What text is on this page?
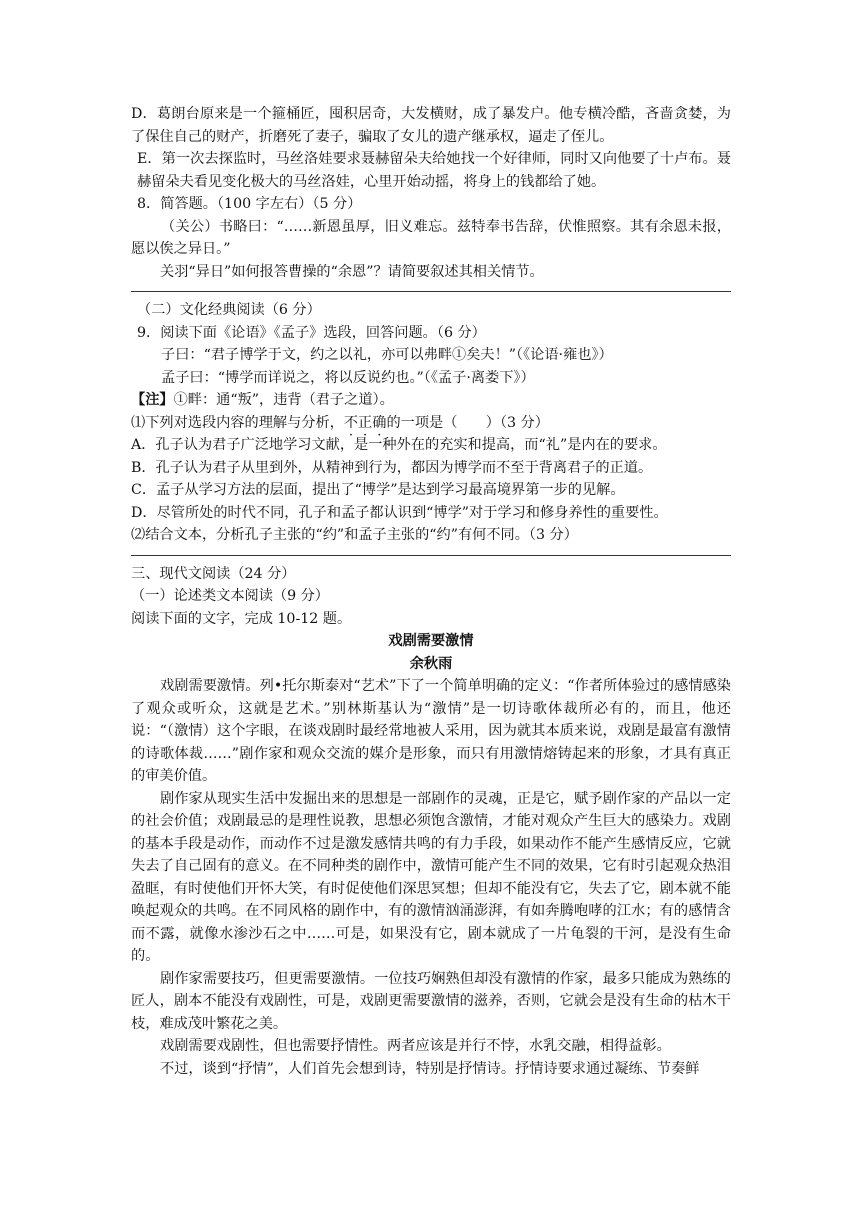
D．葛朗台原来是一个箍桶匠，囤积居奇，大发横财，成了暴发户。他专横冷酷，吝啬贪婪，为了保住自己的财产，折磨死了妻子，骗取了女儿的遗产继承权，逼走了侄儿。
E．第一次去探监时，马丝洛娃要求聂赫留朵夫给她找一个好律师，同时又向他要了十卢布。聂赫留朵夫看见变化极大的马丝洛娃，心里开始动摇，将身上的钱都给了她。
8．简答题。（100 字左右）（5 分）
（关公）书略曰：“……新恩虽厚，旧义难忘。兹特奉书告辞，伏惟照察。其有余恩未报，愿以俟之异日。”
关羽“异日”如何报答曹操的“余恩”？请简要叙述其相关情节。
（二）文化经典阅读（6 分）
9．阅读下面《论语》《孟子》选段，回答问题。（6 分）
子曰：“君子博学于文，约之以礼，亦可以弗畔①矣夫！”（《论语·雍也》）
孟子曰：“博学而详说之，将以反说约也。”（《孟子·离娄下》）
【注】①畔：通“叛”，违背（君子之道）。
⑴下列对选段内容的理解与分析，不正确的一项是（　　）（3 分）
A．孔子认为君子广泛地学习文献，是一种外在的充实和提高，而“礼”是内在的要求。
B．孔子认为君子从里到外，从精神到行为，都因为博学而不至于背离君子的正道。
C．孟子从学习方法的层面，提出了“博学”是达到学习最高境界第一步的见解。
D．尽管所处的时代不同，孔子和孟子都认识到“博学”对于学习和修身养性的重要性。
⑵结合文本，分析孔子主张的“约”和孟子主张的“约”有何不同。（3 分）
三、现代文阅读（24 分）
（一）论述类文本阅读（9 分）
阅读下面的文字，完成 10-12 题。
戏剧需要激情
余秋雨
戏剧需要激情。列•托尔斯泰对“艺术”下了一个简单明确的定义：“作者所体验过的感情感染了观众或听众，这就是艺术。”别林斯基认为“激情”是一切诗歌体裁所必有的，而且，他还说：“（激情）这个字眼，在谈戏剧时最经常地被人采用，因为就其本质来说，戏剧是最富有激情的诗歌体裁……”剧作家和观众交流的媒介是形象，而只有用激情熔铸起来的形象，才具有真正的审美价值。
剧作家从现实生活中发掘出来的思想是一部剧作的灵魂，正是它，赋予剧作家的产品以一定的社会价值；戏剧最忌的是理性说教，思想必须饱含激情，才能对观众产生巨大的感染力。戏剧的基本手段是动作，而动作不过是激发感情共鸣的有力手段，如果动作不能产生感情反应，它就失去了自己固有的意义。在不同种类的剧作中，激情可能产生不同的效果，它有时引起观众热泪盈眶，有时使他们开怀大笑，有时促使他们深思冥想；但却不能没有它，失去了它，剧本就不能唤起观众的共鸣。在不同风格的剧作中，有的激情汹涌澎湃，有如奔腾咆哮的江水；有的感情含而不露，就像水渗沙石之中……可是，如果没有它，剧本就成了一片龟裂的干河，是没有生命的。
剧作家需要技巧，但更需要激情。一位技巧娴熟但却没有激情的作家，最多只能成为熟练的匠人，剧本不能没有戏剧性，可是，戏剧更需要激情的滋养，否则，它就会是没有生命的枯木干枝，难成茂叶繁花之美。
戏剧需要戏剧性，但也需要抒情性。两者应该是并行不悖，水乳交融，相得益彰。
不过，谈到“抒情”，人们首先会想到诗，特别是抒情诗。抒情诗要求通过凝练、节奏鲜
